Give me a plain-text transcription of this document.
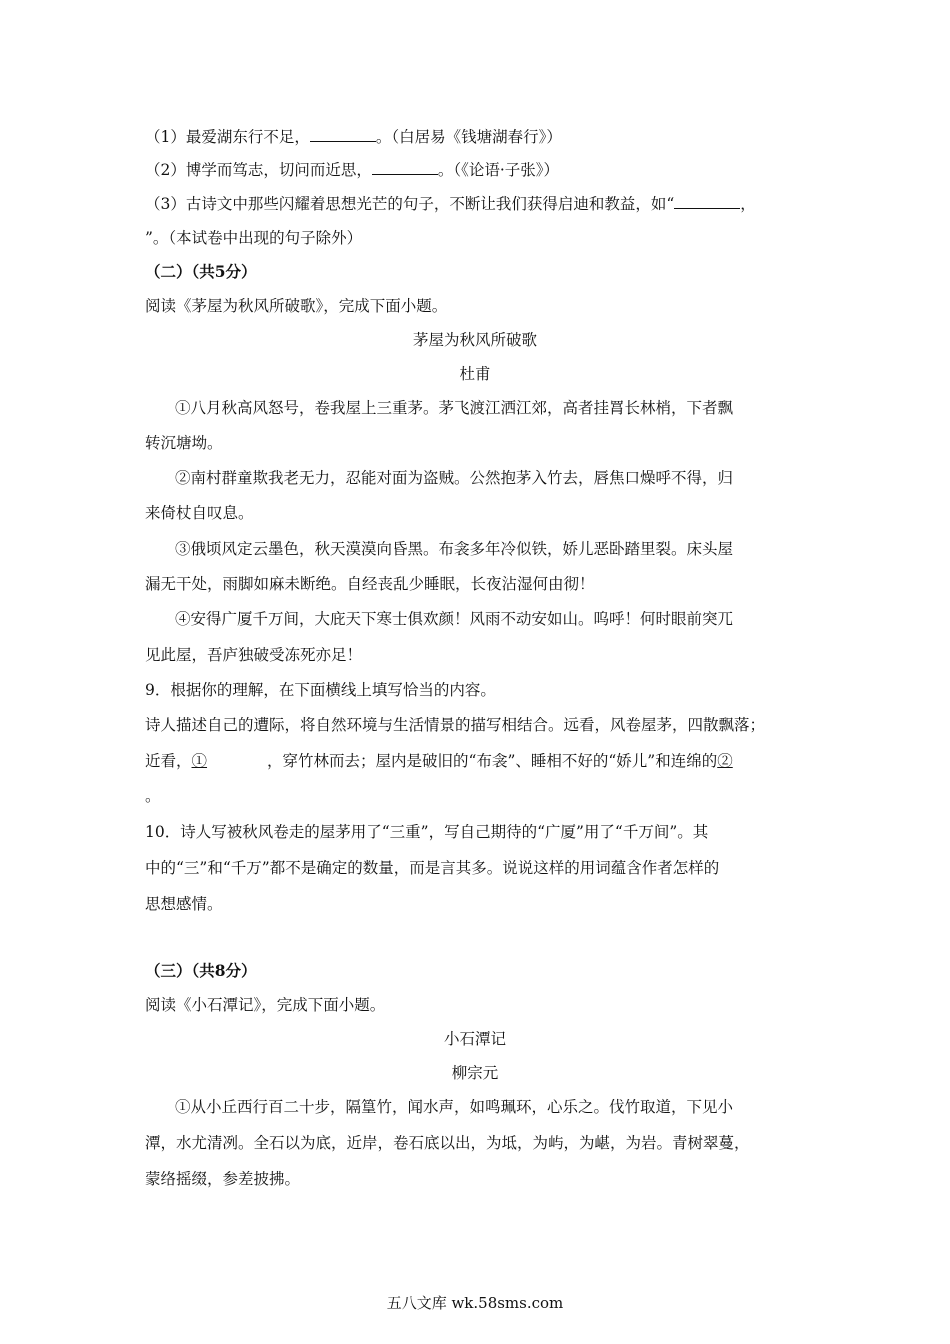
（1）最爱湖东行不足，	。（白居易《钱塘湖春行》）
（2）博学而笃志，切问而近思，	。（《论语·子张》）
（3）古诗文中那些闪耀着思想光芒的句子，不断让我们获得启迪和教益，如“	，
”。（本试卷中出现的句子除外）
（二）（共5分）
阅读《茅屋为秋风所破歌》，完成下面小题。
茅屋为秋风所破歌
杜甫
①八月秋高风怒号，卷我屋上三重茅。茅飞渡江洒江郊，高者挂罥长林梢，下者飘
转沉塘坳。
②南村群童欺我老无力，忍能对面为盗贼。公然抱茅入竹去，唇焦口燥呼不得，归
来倚杖自叹息。
③俄顷风定云墨色，秋天漠漠向昏黑。布衾多年冷似铁，娇儿恶卧踏里裂。床头屋
漏无干处，雨脚如麻未断绝。自经丧乱少睡眠，长夜沾湿何由彻！
④安得广厦千万间，大庇天下寒士俱欢颜！风雨不动安如山。呜呼！何时眼前突兀
见此屋，吾庐独破受冻死亦足！
9．根据你的理解，在下面横线上填写恰当的内容。
诗人描述自己的遭际，将自然环境与生活情景的描写相结合。远看，风卷屋茅，四散飘落；
近看，①	，穿竹林而去；屋内是破旧的“布衾”、睡相不好的“娇儿”和连绵的②
。
10．诗人写被秋风卷走的屋茅用了“三重”，写自己期待的“广厦”用了“千万间”。其
中的“三”和“千万”都不是确定的数量，而是言其多。说说这样的用词蕴含作者怎样的
思想感情。
（三）（共8分）
阅读《小石潭记》，完成下面小题。
小石潭记
柳宗元
①从小丘西行百二十步，隔篁竹，闻水声，如鸣珮环，心乐之。伐竹取道，下见小
潭，水尤清冽。全石以为底，近岸，卷石底以出，为坻，为屿，为嵁，为岩。青树翠蔓，
蒙络摇缀，参差披拂。
五八文库 wk.58sms.com
